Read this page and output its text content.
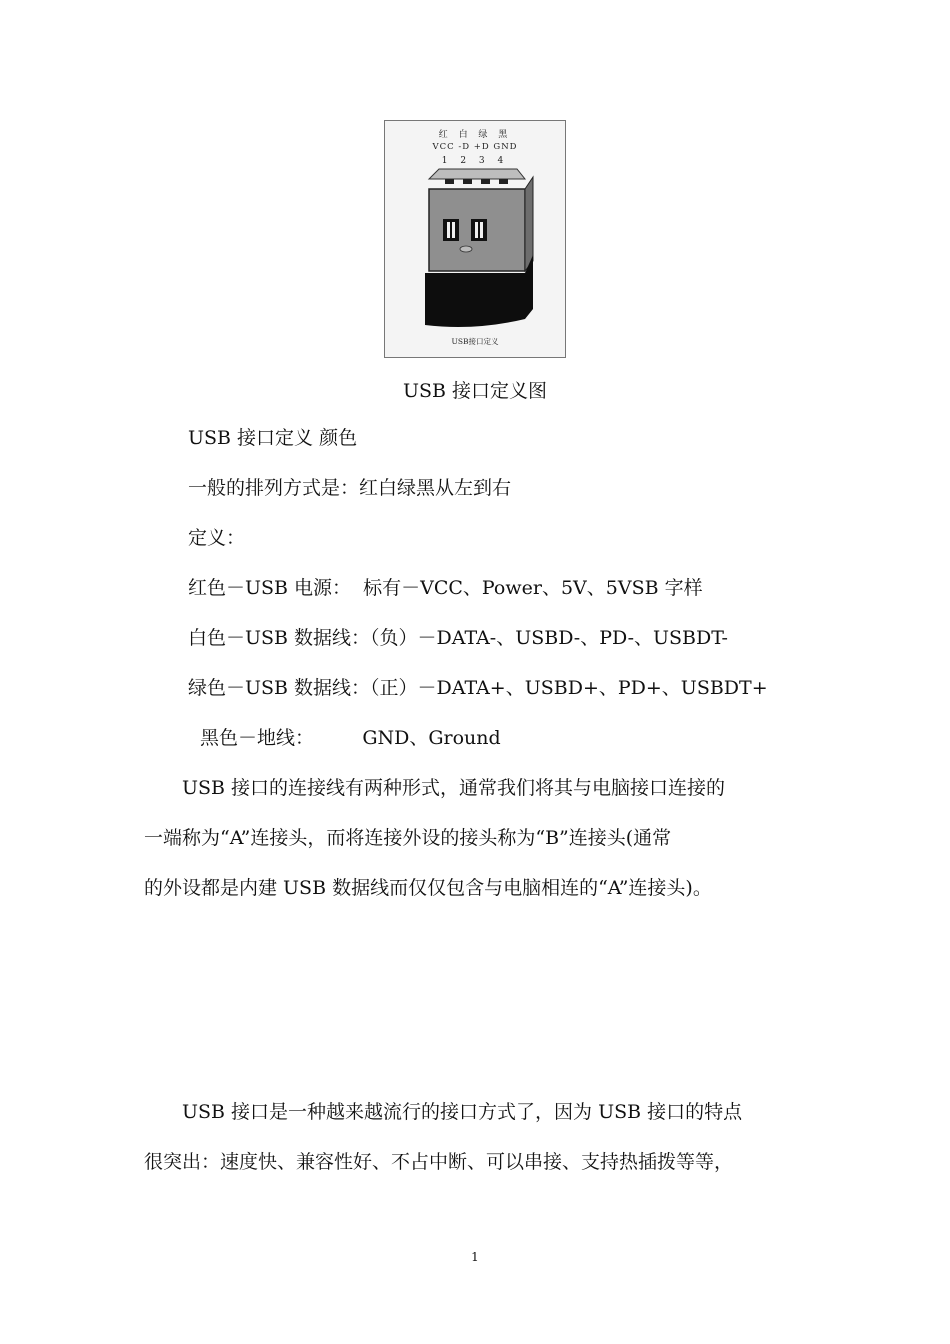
红 白 绿 黑
VCC -D +D GND
1 2 3 4
USB接口定义
USB 接口定义图
USB 接口定义 颜色
一般的排列方式是：红白绿黑从左到右
定义：
红色－USB 电源：  标有－VCC、Power、5V、5VSB 字样
白色－USB 数据线：（负）－DATA-、USBD-、PD-、USBDT-
绿色－USB 数据线：（正）－DATA+、USBD+、PD+、USBDT+
黑色－地线：        GND、Ground
USB 接口的连接线有两种形式，通常我们将其与电脑接口连接的
一端称为“A”连接头，而将连接外设的接头称为“B”连接头(通常
的外设都是内建 USB 数据线而仅仅包含与电脑相连的“A”连接头)。
USB 接口是一种越来越流行的接口方式了，因为 USB 接口的特点
很突出：速度快、兼容性好、不占中断、可以串接、支持热插拨等等，
1
